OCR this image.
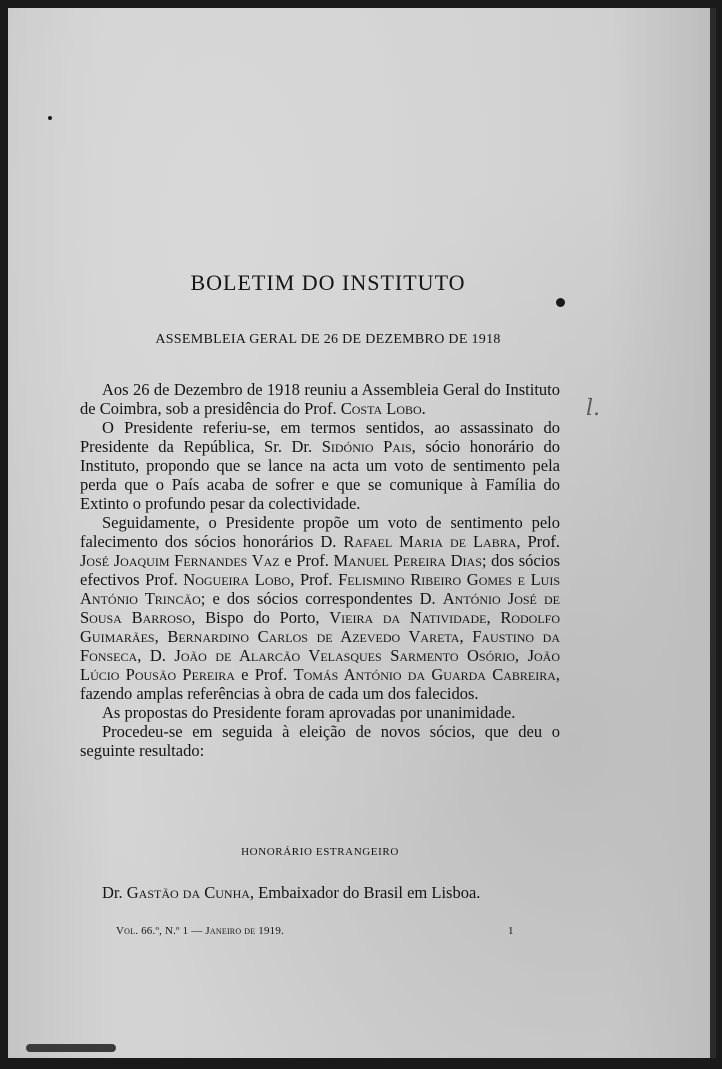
BOLETIM DO INSTITUTO
ASSEMBLEIA GERAL DE 26 DE DEZEMBRO DE 1918

Aos 26 de Dezembro de 1918 reuniu a Assembleia Geral do Instituto de Coimbra, sob a presidência do Prof. Costa Lobo.

O Presidente referiu-se, em termos sentidos, ao assassinato do Presidente da República, Sr. Dr. Sidónio Pais, sócio honorário do Instituto, propondo que se lance na acta um voto de sentimento pela perda que o País acaba de sofrer e que se comunique à Família do Extinto o profundo pesar da colectividade.

Seguidamente, o Presidente propõe um voto de sentimento pelo falecimento dos sócios honorários D. Rafael Maria de Labra, Prof. José Joaquim Fernandes Vaz e Prof. Manuel Pereira Dias; dos sócios efectivos Prof. Nogueira Lobo, Prof. Felismino Ribeiro Gomes e Luis António Trincão; e dos sócios correspondentes D. António José de Sousa Barroso, Bispo do Porto, Vieira da Natividade, Rodolfo Guimarães, Bernardino Carlos de Azevedo Vareta, Faustino da Fonseca, D. João de Alarcão Velasques Sarmento Osório, João Lúcio Pousão Pereira e Prof. Tomás António da Guarda Cabreira, fazendo amplas referências à obra de cada um dos falecidos.

As propostas do Presidente foram aprovadas por unanimidade.

Procedeu-se em seguida à eleição de novos sócios, que deu o seguinte resultado:

HONORÁRIO ESTRANGEIRO
Dr. Gastão da Cunha, Embaixador do Brasil em Lisboa.
Vol. 66.º, N.º 1 — Janeiro de 1919.	1
l.
